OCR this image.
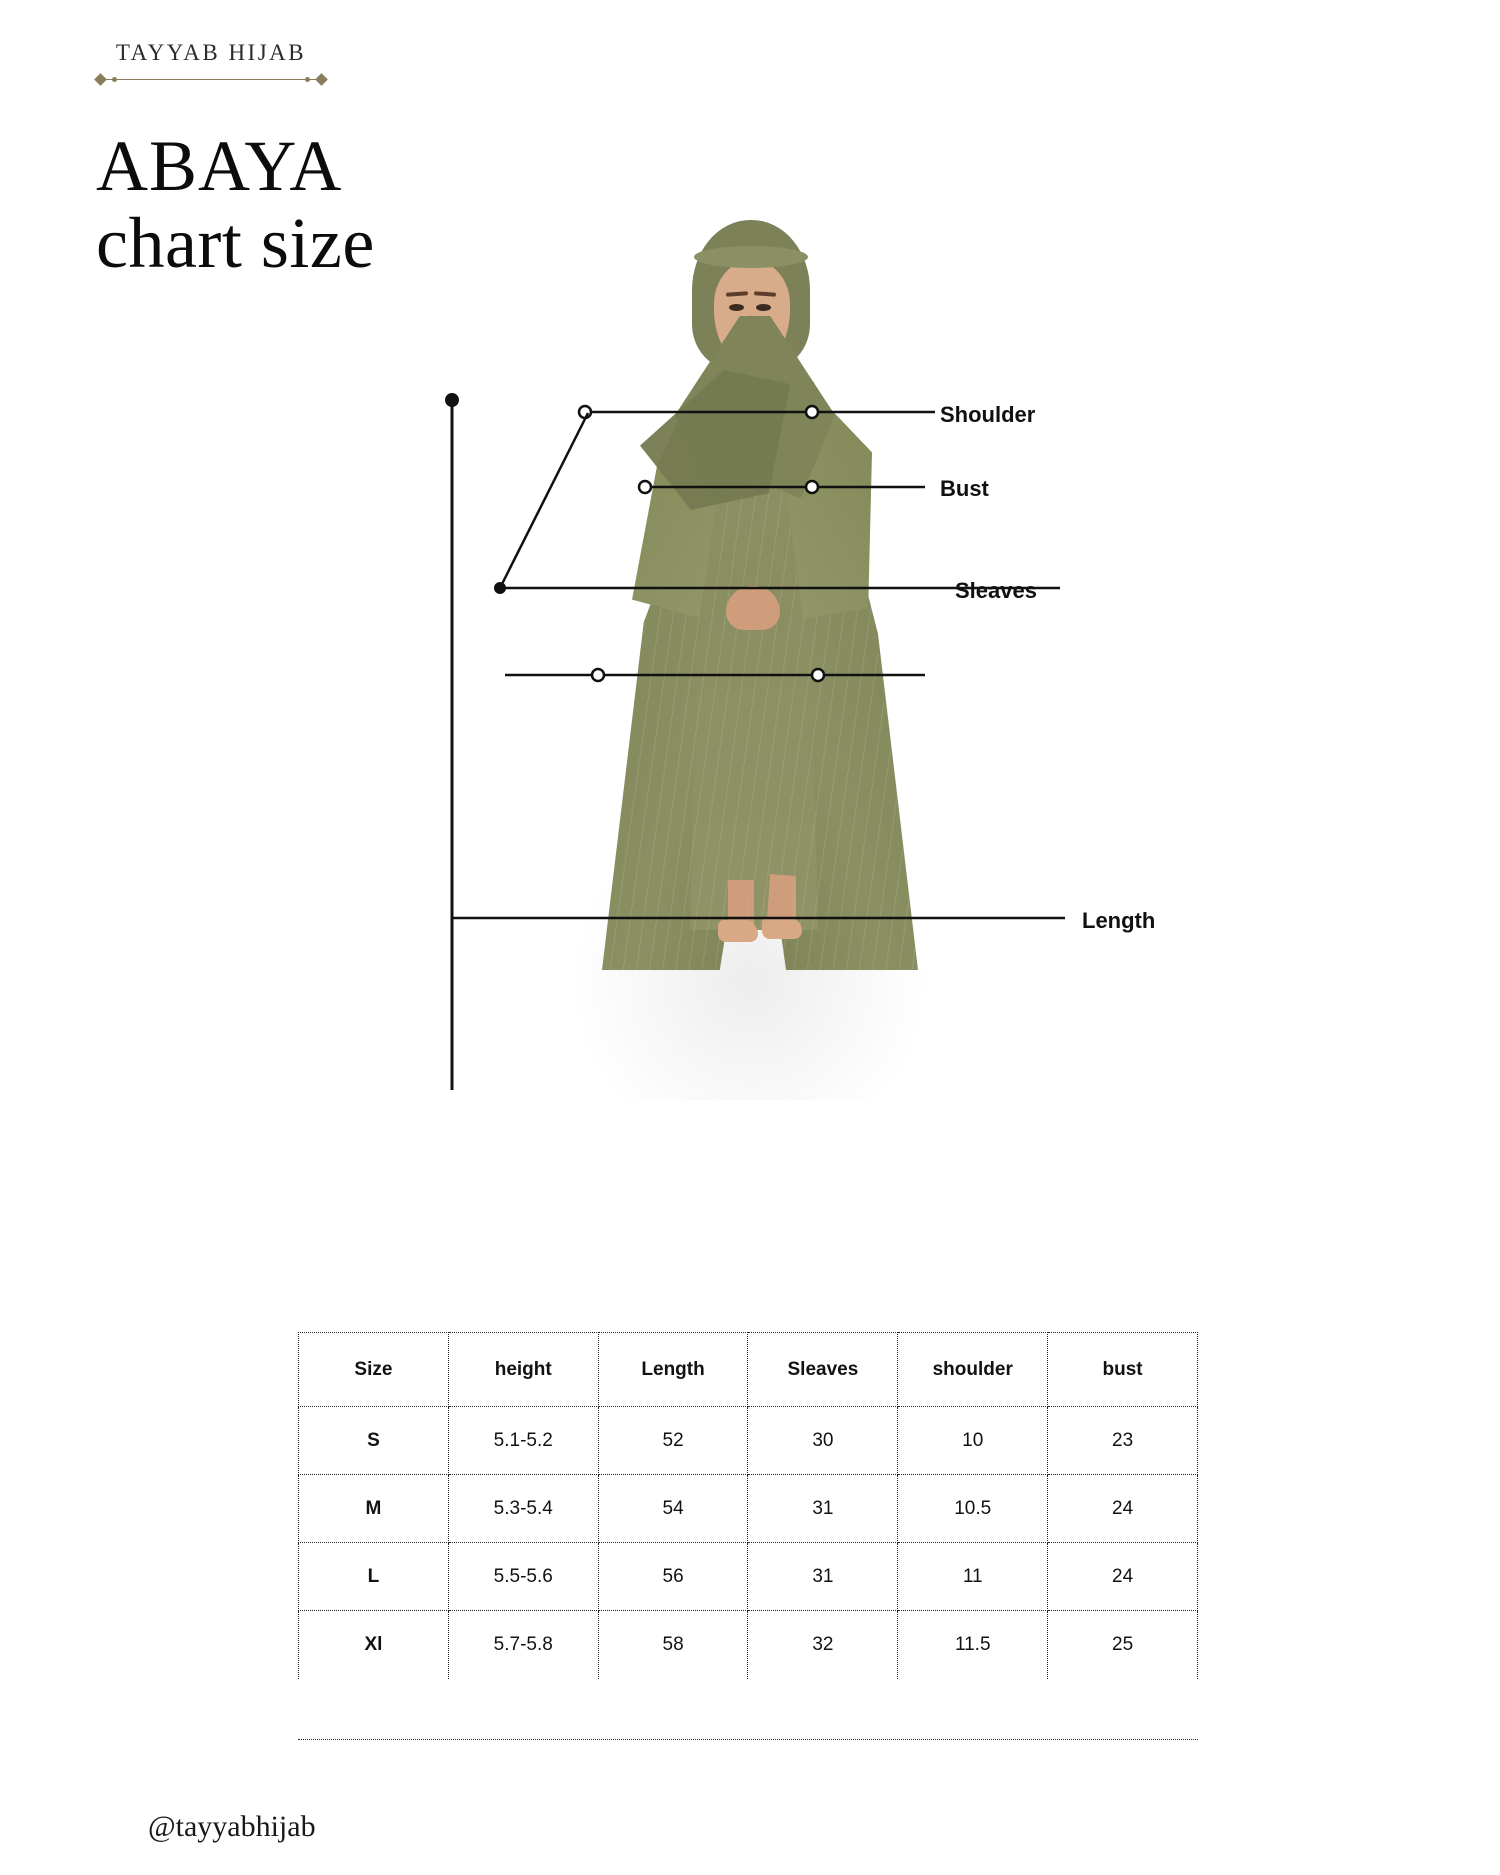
TAYYAB HIJAB
ABAYA
chart size
Shoulder
Bust
Sleaves
Length
Size	height	Length	Sleaves	shoulder	bust
S	5.1-5.2	52	30	10	23
M	5.3-5.4	54	31	10.5	24
L	5.5-5.6	56	31	11	24
Xl	5.7-5.8	58	32	11.5	25
@tayyabhijab
